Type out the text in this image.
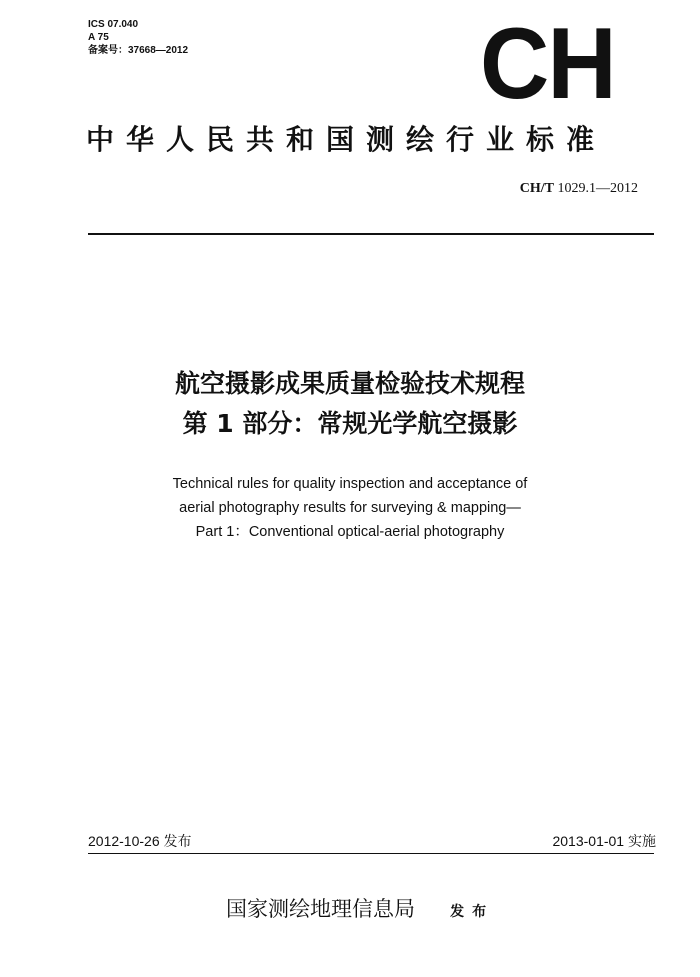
ICS 07.040
A 75
备案号：37668—2012	CH
中华人民共和国测绘行业标准
CH/T 1029.1—2012
航空摄影成果质量检验技术规程
第 1 部分：常规光学航空摄影
Technical rules for quality inspection and acceptance of
aerial photography results for surveying & mapping—
Part 1：Conventional optical-aerial photography
2012-10-26 发布	2013-01-01 实施
国家测绘地理信息局	发布
